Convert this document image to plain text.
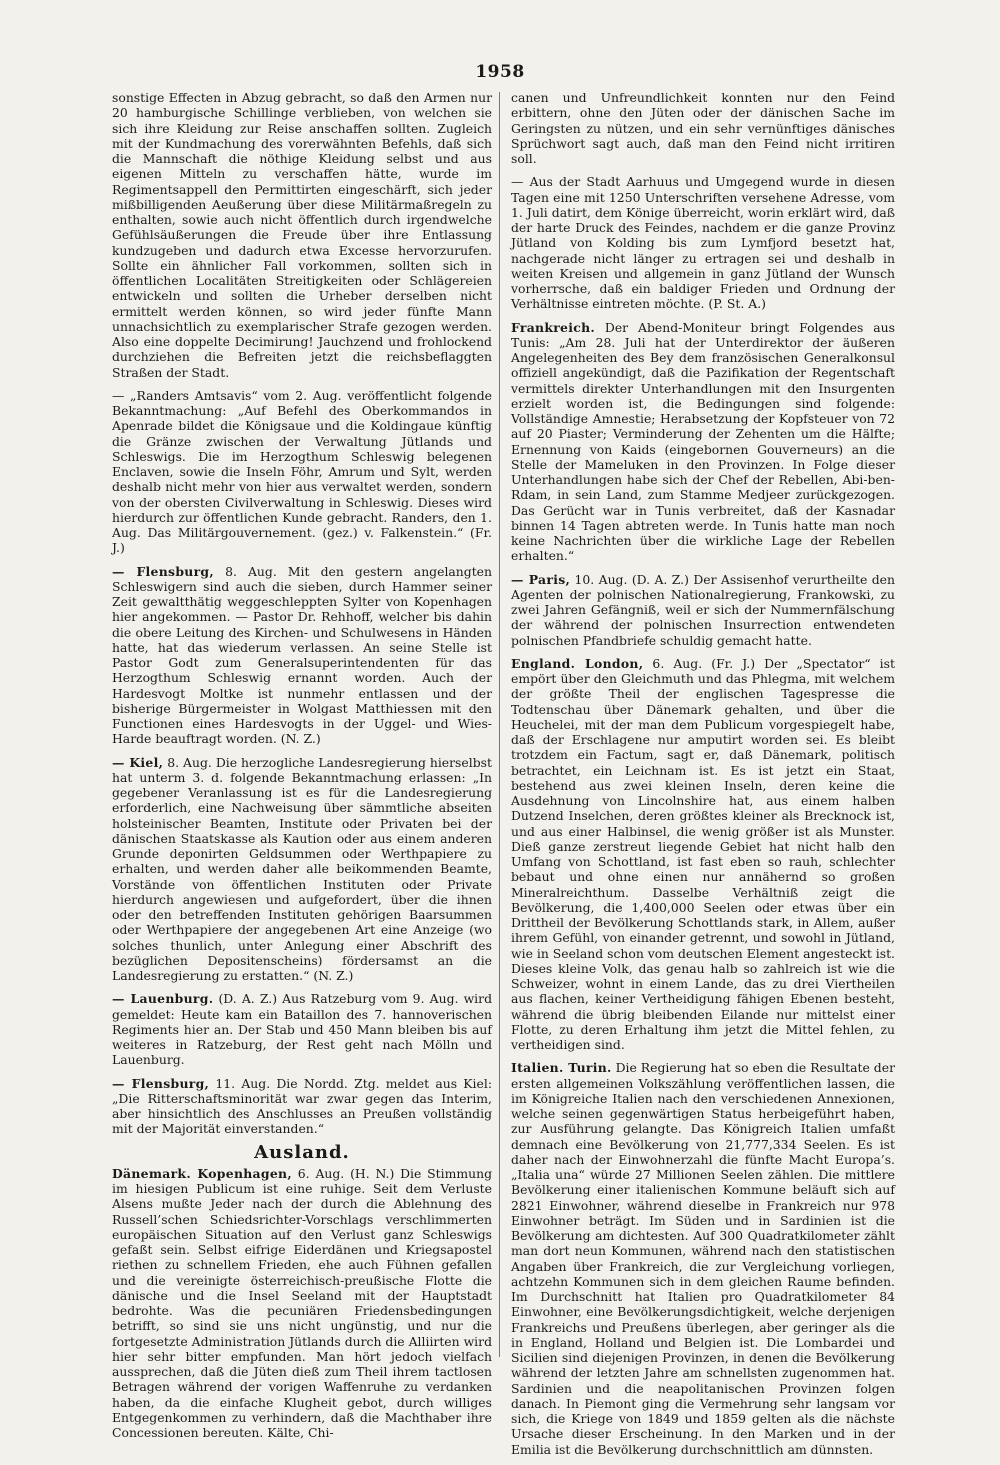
1958
sonstige Effecten in Abzug gebracht, so daß den Armen nur 20 hamburgische Schillinge verblieben, von welchen sie sich ihre Kleidung zur Reise anschaffen sollten. Zugleich mit der Kundmachung des vorerwähnten Befehls, daß sich die Mannschaft die nöthige Kleidung selbst und aus eigenen Mitteln zu verschaffen hätte, wurde im Regimentsappell den Permittirten eingeschärft, sich jeder mißbilligenden Aeußerung über diese Militärmaßregeln zu enthalten, sowie auch nicht öffentlich durch irgendwelche Gefühlsäußerungen die Freude über ihre Entlassung kundzugeben und dadurch etwa Excesse hervorzurufen. Sollte ein ähnlicher Fall vorkommen, sollten sich in öffentlichen Localitäten Streitigkeiten oder Schlägereien entwickeln und sollten die Urheber derselben nicht ermittelt werden können, so wird jeder fünfte Mann unnachsichtlich zu exemplarischer Strafe gezogen werden. Also eine doppelte Decimirung! Jauchzend und frohlockend durchziehen die Befreiten jetzt die reichsbeflaggten Straßen der Stadt.
— „Randers Amtsavis“ vom 2. Aug. veröffentlicht folgende Bekanntmachung: „Auf Befehl des Oberkommandos in Apenrade bildet die Königsaue und die Koldingaue künftig die Gränze zwischen der Verwaltung Jütlands und Schleswigs. Die im Herzogthum Schleswig belegenen Enclaven, sowie die Inseln Föhr, Amrum und Sylt, werden deshalb nicht mehr von hier aus verwaltet werden, sondern von der obersten Civilverwaltung in Schleswig. Dieses wird hierdurch zur öffentlichen Kunde gebracht. Randers, den 1. Aug. Das Militärgouvernement. (gez.) v. Falkenstein.“ (Fr. J.)
— Flensburg, 8. Aug. Mit den gestern angelangten Schleswigern sind auch die sieben, durch Hammer seiner Zeit gewaltthätig weggeschleppten Sylter von Kopenhagen hier angekommen. — Pastor Dr. Rehhoff, welcher bis dahin die obere Leitung des Kirchen- und Schulwesens in Händen hatte, hat das wiederum verlassen. An seine Stelle ist Pastor Godt zum Generalsuperintendenten für das Herzogthum Schleswig ernannt worden. Auch der Hardesvogt Moltke ist nunmehr entlassen und der bisherige Bürgermeister in Wolgast Matthiessen mit den Functionen eines Hardesvogts in der Uggel- und Wies-Harde beauftragt worden. (N. Z.)
— Kiel, 8. Aug. Die herzogliche Landesregierung hierselbst hat unterm 3. d. folgende Bekanntmachung erlassen: „In gegebener Veranlassung ist es für die Landesregierung erforderlich, eine Nachweisung über sämmtliche abseiten holsteinischer Beamten, Institute oder Privaten bei der dänischen Staatskasse als Kaution oder aus einem anderen Grunde deponirten Geldsummen oder Werthpapiere zu erhalten, und werden daher alle beikommenden Beamte, Vorstände von öffentlichen Instituten oder Private hierdurch angewiesen und aufgefordert, über die ihnen oder den betreffenden Instituten gehörigen Baarsummen oder Werthpapiere der angegebenen Art eine Anzeige (wo solches thunlich, unter Anlegung einer Abschrift des bezüglichen Depositenscheins) fördersamst an die Landesregierung zu erstatten.“ (N. Z.)
— Lauenburg. (D. A. Z.) Aus Ratzeburg vom 9. Aug. wird gemeldet: Heute kam ein Bataillon des 7. hannoverischen Regiments hier an. Der Stab und 450 Mann bleiben bis auf weiteres in Ratzeburg, der Rest geht nach Mölln und Lauenburg.
— Flensburg, 11. Aug. Die Nordd. Ztg. meldet aus Kiel: „Die Ritterschaftsminorität war zwar gegen das Interim, aber hinsichtlich des Anschlusses an Preußen vollständig mit der Majorität einverstanden.“
Ausland.
Dänemark. Kopenhagen, 6. Aug. (H. N.) Die Stimmung im hiesigen Publicum ist eine ruhige. Seit dem Verluste Alsens mußte Jeder nach der durch die Ablehnung des Russell’schen Schiedsrichter-Vorschlags verschlimmerten europäischen Situation auf den Verlust ganz Schleswigs gefaßt sein. Selbst eifrige Eiderdänen und Kriegsapostel riethen zu schnellem Frieden, ehe auch Fühnen gefallen und die vereinigte österreichisch-preußische Flotte die dänische und die Insel Seeland mit der Hauptstadt bedrohte. Was die pecuniären Friedensbedingungen betrifft, so sind sie uns nicht ungünstig, und nur die fortgesetzte Administration Jütlands durch die Alliirten wird hier sehr bitter empfunden. Man hört jedoch vielfach aussprechen, daß die Jüten dieß zum Theil ihrem tactlosen Betragen während der vorigen Waffenruhe zu verdanken haben, da die einfache Klugheit gebot, durch williges Entgegenkommen zu verhindern, daß die Machthaber ihre Concessionen bereuten. Kälte, Chi-
canen und Unfreundlichkeit konnten nur den Feind erbittern, ohne den Jüten oder der dänischen Sache im Geringsten zu nützen, und ein sehr vernünftiges dänisches Sprüchwort sagt auch, daß man den Feind nicht irritiren soll.
— Aus der Stadt Aarhuus und Umgegend wurde in diesen Tagen eine mit 1250 Unterschriften versehene Adresse, vom 1. Juli datirt, dem Könige überreicht, worin erklärt wird, daß der harte Druck des Feindes, nachdem er die ganze Provinz Jütland von Kolding bis zum Lymfjord besetzt hat, nachgerade nicht länger zu ertragen sei und deshalb in weiten Kreisen und allgemein in ganz Jütland der Wunsch vorherrsche, daß ein baldiger Frieden und Ordnung der Verhältnisse eintreten möchte. (P. St. A.)
Frankreich. Der Abend-Moniteur bringt Folgendes aus Tunis: „Am 28. Juli hat der Unterdirektor der äußeren Angelegenheiten des Bey dem französischen Generalkonsul offiziell angekündigt, daß die Pazifikation der Regentschaft vermittels direkter Unterhandlungen mit den Insurgenten erzielt worden ist, die Bedingungen sind folgende: Vollständige Amnestie; Herabsetzung der Kopfsteuer von 72 auf 20 Piaster; Verminderung der Zehenten um die Hälfte; Ernennung von Kaids (eingebornen Gouverneurs) an die Stelle der Mameluken in den Provinzen. In Folge dieser Unterhandlungen habe sich der Chef der Rebellen, Abi-ben-Rdam, in sein Land, zum Stamme Medjeer zurückgezogen. Das Gerücht war in Tunis verbreitet, daß der Kasnadar binnen 14 Tagen abtreten werde. In Tunis hatte man noch keine Nachrichten über die wirkliche Lage der Rebellen erhalten.“
— Paris, 10. Aug. (D. A. Z.) Der Assisenhof verurtheilte den Agenten der polnischen Nationalregierung, Frankowski, zu zwei Jahren Gefängniß, weil er sich der Nummernfälschung der während der polnischen Insurrection entwendeten polnischen Pfandbriefe schuldig gemacht hatte.
England. London, 6. Aug. (Fr. J.) Der „Spectator“ ist empört über den Gleichmuth und das Phlegma, mit welchem der größte Theil der englischen Tagespresse die Todtenschau über Dänemark gehalten, und über die Heuchelei, mit der man dem Publicum vorgespiegelt habe, daß der Erschlagene nur amputirt worden sei. Es bleibt trotzdem ein Factum, sagt er, daß Dänemark, politisch betrachtet, ein Leichnam ist. Es ist jetzt ein Staat, bestehend aus zwei kleinen Inseln, deren keine die Ausdehnung von Lincolnshire hat, aus einem halben Dutzend Inselchen, deren größtes kleiner als Brecknock ist, und aus einer Halbinsel, die wenig größer ist als Munster. Dieß ganze zerstreut liegende Gebiet hat nicht halb den Umfang von Schottland, ist fast eben so rauh, schlechter bebaut und ohne einen nur annähernd so großen Mineralreichthum. Dasselbe Verhältniß zeigt die Bevölkerung, die 1,400,000 Seelen oder etwas über ein Drittheil der Bevölkerung Schottlands stark, in Allem, außer ihrem Gefühl, von einander getrennt, und sowohl in Jütland, wie in Seeland schon vom deutschen Element angesteckt ist. Dieses kleine Volk, das genau halb so zahlreich ist wie die Schweizer, wohnt in einem Lande, das zu drei Viertheilen aus flachen, keiner Vertheidigung fähigen Ebenen besteht, während die übrig bleibenden Eilande nur mittelst einer Flotte, zu deren Erhaltung ihm jetzt die Mittel fehlen, zu vertheidigen sind.
Italien. Turin. Die Regierung hat so eben die Resultate der ersten allgemeinen Volkszählung veröffentlichen lassen, die im Königreiche Italien nach den verschiedenen Annexionen, welche seinen gegenwärtigen Status herbeigeführt haben, zur Ausführung gelangte. Das Königreich Italien umfaßt demnach eine Bevölkerung von 21,777,334 Seelen. Es ist daher nach der Einwohnerzahl die fünfte Macht Europa’s. „Italia una“ würde 27 Millionen Seelen zählen. Die mittlere Bevölkerung einer italienischen Kommune beläuft sich auf 2821 Einwohner, während dieselbe in Frankreich nur 978 Einwohner beträgt. Im Süden und in Sardinien ist die Bevölkerung am dichtesten. Auf 300 Quadratkilometer zählt man dort neun Kommunen, während nach den statistischen Angaben über Frankreich, die zur Vergleichung vorliegen, achtzehn Kommunen sich in dem gleichen Raume befinden. Im Durchschnitt hat Italien pro Quadratkilometer 84 Einwohner, eine Bevölkerungsdichtigkeit, welche derjenigen Frankreichs und Preußens überlegen, aber geringer als die in England, Holland und Belgien ist. Die Lombardei und Sicilien sind diejenigen Provinzen, in denen die Bevölkerung während der letzten Jahre am schnellsten zugenommen hat. Sardinien und die neapolitanischen Provinzen folgen danach. In Piemont ging die Vermehrung sehr langsam vor sich, die Kriege von 1849 und 1859 gelten als die nächste Ursache dieser Erscheinung. In den Marken und in der Emilia ist die Bevölkerung durchschnittlich am dünnsten.
